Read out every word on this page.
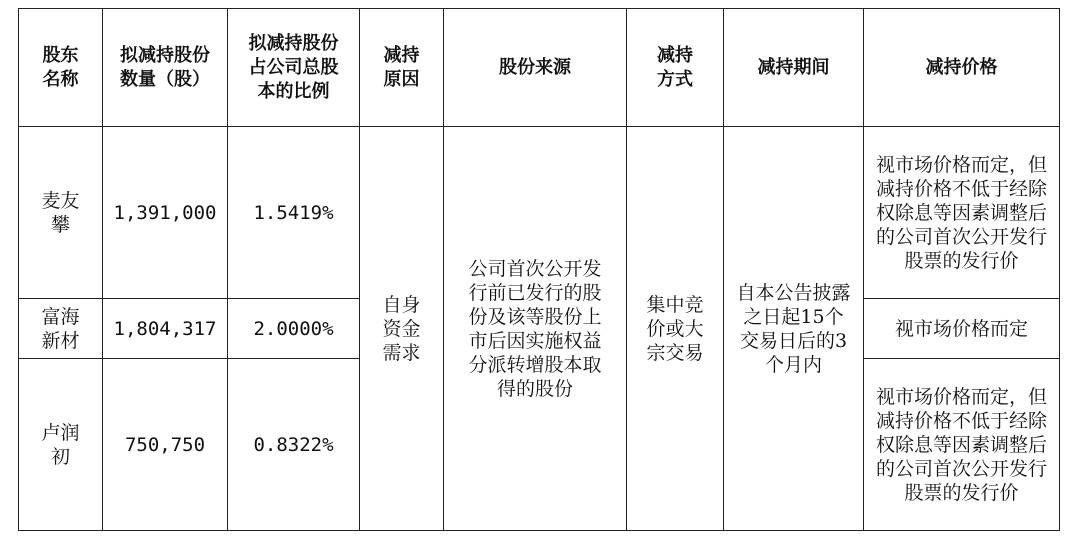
股东名称	拟减持股份数量（股）	拟减持股份占公司总股本的比例	减持原因	股份来源	减持方式	减持期间	减持价格

麦友攀	1,391,000	1.5419%	自身资金需求	公司首次公开发行前已发行的股份及该等股份上市后因实施权益分派转增股本取得的股份	集中竞价或大宗交易	自本公告披露之日起15个交易日后的3个月内	视市场价格而定，但减持价格不低于经除权除息等因素调整后的公司首次公开发行股票的发行价

富海新材	1,804,317	2.0000%					视市场价格而定

卢润初	750,750	0.8322%					视市场价格而定，但减持价格不低于经除权除息等因素调整后的公司首次公开发行股票的发行价
